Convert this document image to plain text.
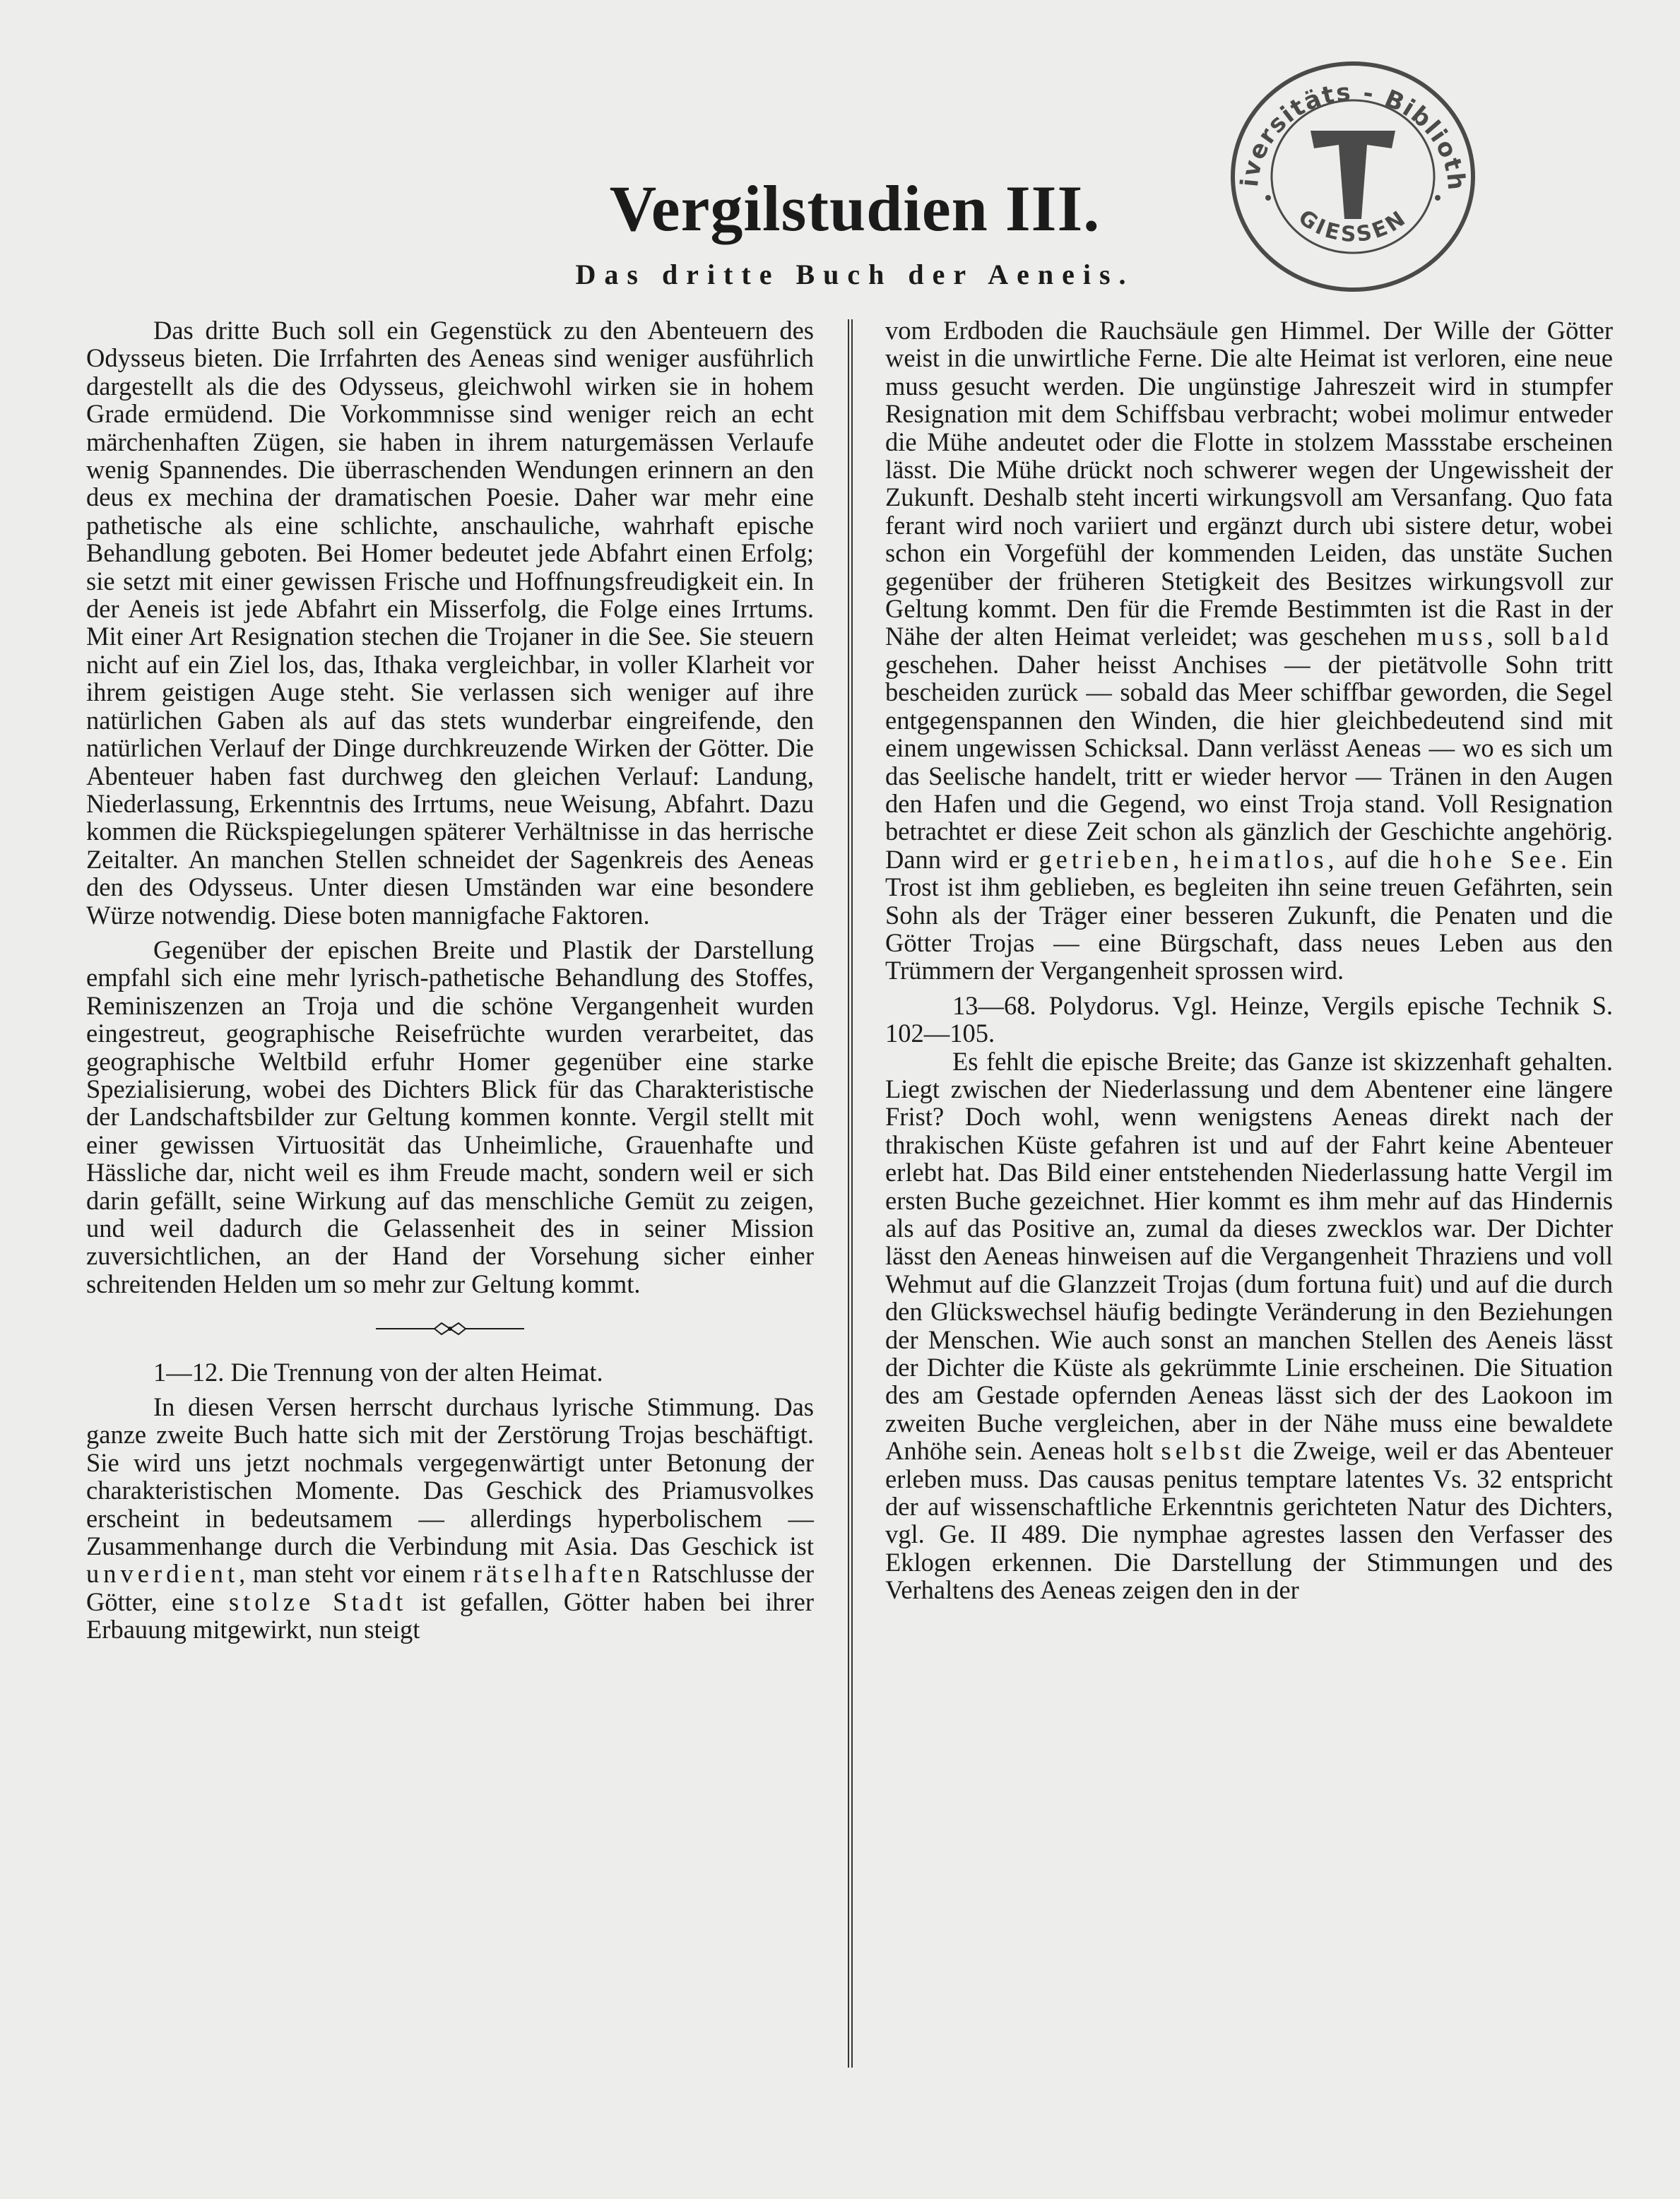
iversitäts - Biblioth
GIESSEN
Vergilstudien III.
Das dritte Buch der Aeneis.

Das dritte Buch soll ein Gegenstück zu den Abenteuern des Odysseus bieten. Die Irrfahrten des Aeneas sind weniger ausführlich dargestellt als die des Odysseus, gleichwohl wirken sie in hohem Grade ermüdend. Die Vorkommnisse sind weniger reich an echt märchenhaften Zügen, sie haben in ihrem naturgemässen Verlaufe wenig Spannendes. Die überraschenden Wendungen erinnern an den deus ex mechina der dramatischen Poesie. Daher war mehr eine pathetische als eine schlichte, anschauliche, wahrhaft epische Behandlung geboten. Bei Homer bedeutet jede Abfahrt einen Erfolg; sie setzt mit einer gewissen Frische und Hoffnungsfreudigkeit ein. In der Aeneis ist jede Abfahrt ein Misserfolg, die Folge eines Irrtums. Mit einer Art Resignation stechen die Trojaner in die See. Sie steuern nicht auf ein Ziel los, das, Ithaka vergleichbar, in voller Klarheit vor ihrem geistigen Auge steht. Sie verlassen sich weniger auf ihre natürlichen Gaben als auf das stets wunderbar eingreifende, den natürlichen Verlauf der Dinge durchkreuzende Wirken der Götter. Die Abenteuer haben fast durchweg den gleichen Verlauf: Landung, Niederlassung, Erkenntnis des Irrtums, neue Weisung, Abfahrt. Dazu kommen die Rückspiegelungen späterer Verhältnisse in das herrische Zeitalter. An manchen Stellen schneidet der Sagenkreis des Aeneas den des Odysseus. Unter diesen Umständen war eine besondere Würze notwendig. Diese boten mannigfache Faktoren.

Gegenüber der epischen Breite und Plastik der Darstellung empfahl sich eine mehr lyrisch-pathetische Behandlung des Stoffes, Reminiszenzen an Troja und die schöne Vergangenheit wurden eingestreut, geographische Reisefrüchte wurden verarbeitet, das geographische Weltbild erfuhr Homer gegenüber eine starke Spezialisierung, wobei des Dichters Blick für das Charakteristische der Landschaftsbilder zur Geltung kommen konnte. Vergil stellt mit einer gewissen Virtuosität das Unheimliche, Grauenhafte und Hässliche dar, nicht weil es ihm Freude macht, sondern weil er sich darin gefällt, seine Wirkung auf das menschliche Gemüt zu zeigen, und weil dadurch die Gelassenheit des in seiner Mission zuversichtlichen, an der Hand der Vorsehung sicher einher schreitenden Helden um so mehr zur Geltung kommt.

1—12. Die Trennung von der alten Heimat.

In diesen Versen herrscht durchaus lyrische Stimmung. Das ganze zweite Buch hatte sich mit der Zerstörung Trojas beschäftigt. Sie wird uns jetzt nochmals vergegenwärtigt unter Betonung der charakteristischen Momente. Das Geschick des Priamusvolkes erscheint in bedeutsamem — allerdings hyperbolischem — Zusammenhange durch die Verbindung mit Asia. Das Geschick ist unverdient, man steht vor einem rätselhaften Ratschlusse der Götter, eine stolze Stadt ist gefallen, Götter haben bei ihrer Erbauung mitgewirkt, nun steigt

vom Erdboden die Rauchsäule gen Himmel. Der Wille der Götter weist in die unwirtliche Ferne. Die alte Heimat ist verloren, eine neue muss gesucht werden. Die ungünstige Jahreszeit wird in stumpfer Resignation mit dem Schiffsbau verbracht; wobei molimur entweder die Mühe andeutet oder die Flotte in stolzem Massstabe erscheinen lässt. Die Mühe drückt noch schwerer wegen der Ungewissheit der Zukunft. Deshalb steht incerti wirkungsvoll am Versanfang. Quo fata ferant wird noch variiert und ergänzt durch ubi sistere detur, wobei schon ein Vorgefühl der kommenden Leiden, das unstäte Suchen gegenüber der früheren Stetigkeit des Besitzes wirkungsvoll zur Geltung kommt. Den für die Fremde Bestimmten ist die Rast in der Nähe der alten Heimat verleidet; was geschehen muss, soll bald geschehen. Daher heisst Anchises — der pietätvolle Sohn tritt bescheiden zurück — sobald das Meer schiffbar geworden, die Segel entgegenspannen den Winden, die hier gleichbedeutend sind mit einem ungewissen Schicksal. Dann verlässt Aeneas — wo es sich um das Seelische handelt, tritt er wieder hervor — Tränen in den Augen den Hafen und die Gegend, wo einst Troja stand. Voll Resignation betrachtet er diese Zeit schon als gänzlich der Geschichte angehörig. Dann wird er getrieben, heimatlos, auf die hohe See. Ein Trost ist ihm geblieben, es begleiten ihn seine treuen Gefährten, sein Sohn als der Träger einer besseren Zukunft, die Penaten und die Götter Trojas — eine Bürgschaft, dass neues Leben aus den Trümmern der Vergangenheit sprossen wird.

13—68. Polydorus. Vgl. Heinze, Vergils epische Technik S. 102—105.

Es fehlt die epische Breite; das Ganze ist skizzenhaft gehalten. Liegt zwischen der Niederlassung und dem Abentener eine längere Frist? Doch wohl, wenn wenigstens Aeneas direkt nach der thrakischen Küste gefahren ist und auf der Fahrt keine Abenteuer erlebt hat. Das Bild einer entstehenden Niederlassung hatte Vergil im ersten Buche gezeichnet. Hier kommt es ihm mehr auf das Hindernis als auf das Positive an, zumal da dieses zwecklos war. Der Dichter lässt den Aeneas hinweisen auf die Vergangenheit Thraziens und voll Wehmut auf die Glanzzeit Trojas (dum fortuna fuit) und auf die durch den Glückswechsel häufig bedingte Veränderung in den Beziehungen der Menschen. Wie auch sonst an manchen Stellen des Aeneis lässt der Dichter die Küste als gekrümmte Linie erscheinen. Die Situation des am Gestade opfernden Aeneas lässt sich der des Laokoon im zweiten Buche vergleichen, aber in der Nähe muss eine bewaldete Anhöhe sein. Aeneas holt selbst die Zweige, weil er das Abenteuer erleben muss. Das causas penitus temptare latentes Vs. 32 entspricht der auf wissenschaftliche Erkenntnis gerichteten Natur des Dichters, vgl. Ge. II 489. Die nymphae agrestes lassen den Verfasser des Eklogen erkennen. Die Darstellung der Stimmungen und des Verhaltens des Aeneas zeigen den in der
